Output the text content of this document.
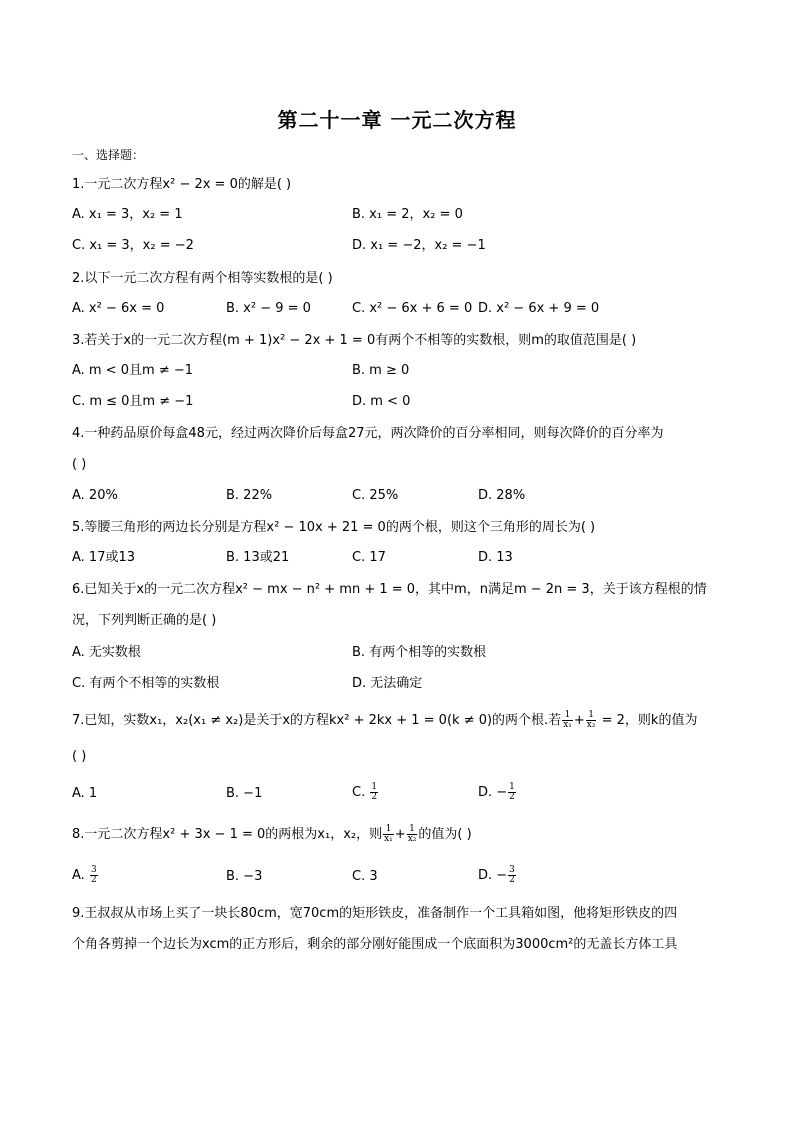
第二十一章 一元二次方程
一、选择题：
1.一元二次方程x² − 2x = 0的解是( )
A. x₁ = 3，x₂ = 1	B. x₁ = 2，x₂ = 0
C. x₁ = 3，x₂ = −2	D. x₁ = −2，x₂ = −1
2.以下一元二次方程有两个相等实数根的是( )
A. x² − 6x = 0	B. x² − 9 = 0	C. x² − 6x + 6 = 0 D. x² − 6x + 9 = 0
3.若关于x的一元二次方程(m + 1)x² − 2x + 1 = 0有两个不相等的实数根，则m的取值范围是( )
A. m < 0且m ≠ −1	B. m ≥ 0
C. m ≤ 0且m ≠ −1	D. m < 0
4.一种药品原价每盒48元，经过两次降价后每盒27元，两次降价的百分率相同，则每次降价的百分率为
( )
A. 20%	B. 22%	C. 25%	D. 28%
5.等腰三角形的两边长分别是方程x² − 10x + 21 = 0的两个根，则这个三角形的周长为( )
A. 17或13	B. 13或21	C. 17	D. 13
6.已知关于x的一元二次方程x² − mx − n² + mn + 1 = 0，其中m，n满足m − 2n = 3，关于该方程根的情
况，下列判断正确的是( )
A. 无实数根	B. 有两个相等的实数根
C. 有两个不相等的实数根	D. 无法确定
7.已知，实数x₁，x₂(x₁ ≠ x₂)是关于x的方程kx² + 2kx + 1 = 0(k ≠ 0)的两个根.若 $\frac{1}{\text{x₁}} + \frac{1}{\text{x₂}} = 2$，则k的值为
( )
A. 1	B. −1	C. $\frac{1}{2}$	D. − $\frac{1}{2}$
8.一元二次方程x² + 3x − 1 = 0的两根为x₁，x₂，则 $\frac{1}{\text{x₁}} + \frac{1}{\text{x₂}}$ 的值为( )
A. $\frac{3}{2}$	B. −3	C. 3	D. − $\frac{3}{2}$
9.王叔叔从市场上买了一块长80cm，宽70cm的矩形铁皮，准备制作一个工具箱如图，他将矩形铁皮的四
个角各剪掉一个边长为xcm的正方形后，剩余的部分刚好能围成一个底面积为3000cm²的无盖长方体工具
